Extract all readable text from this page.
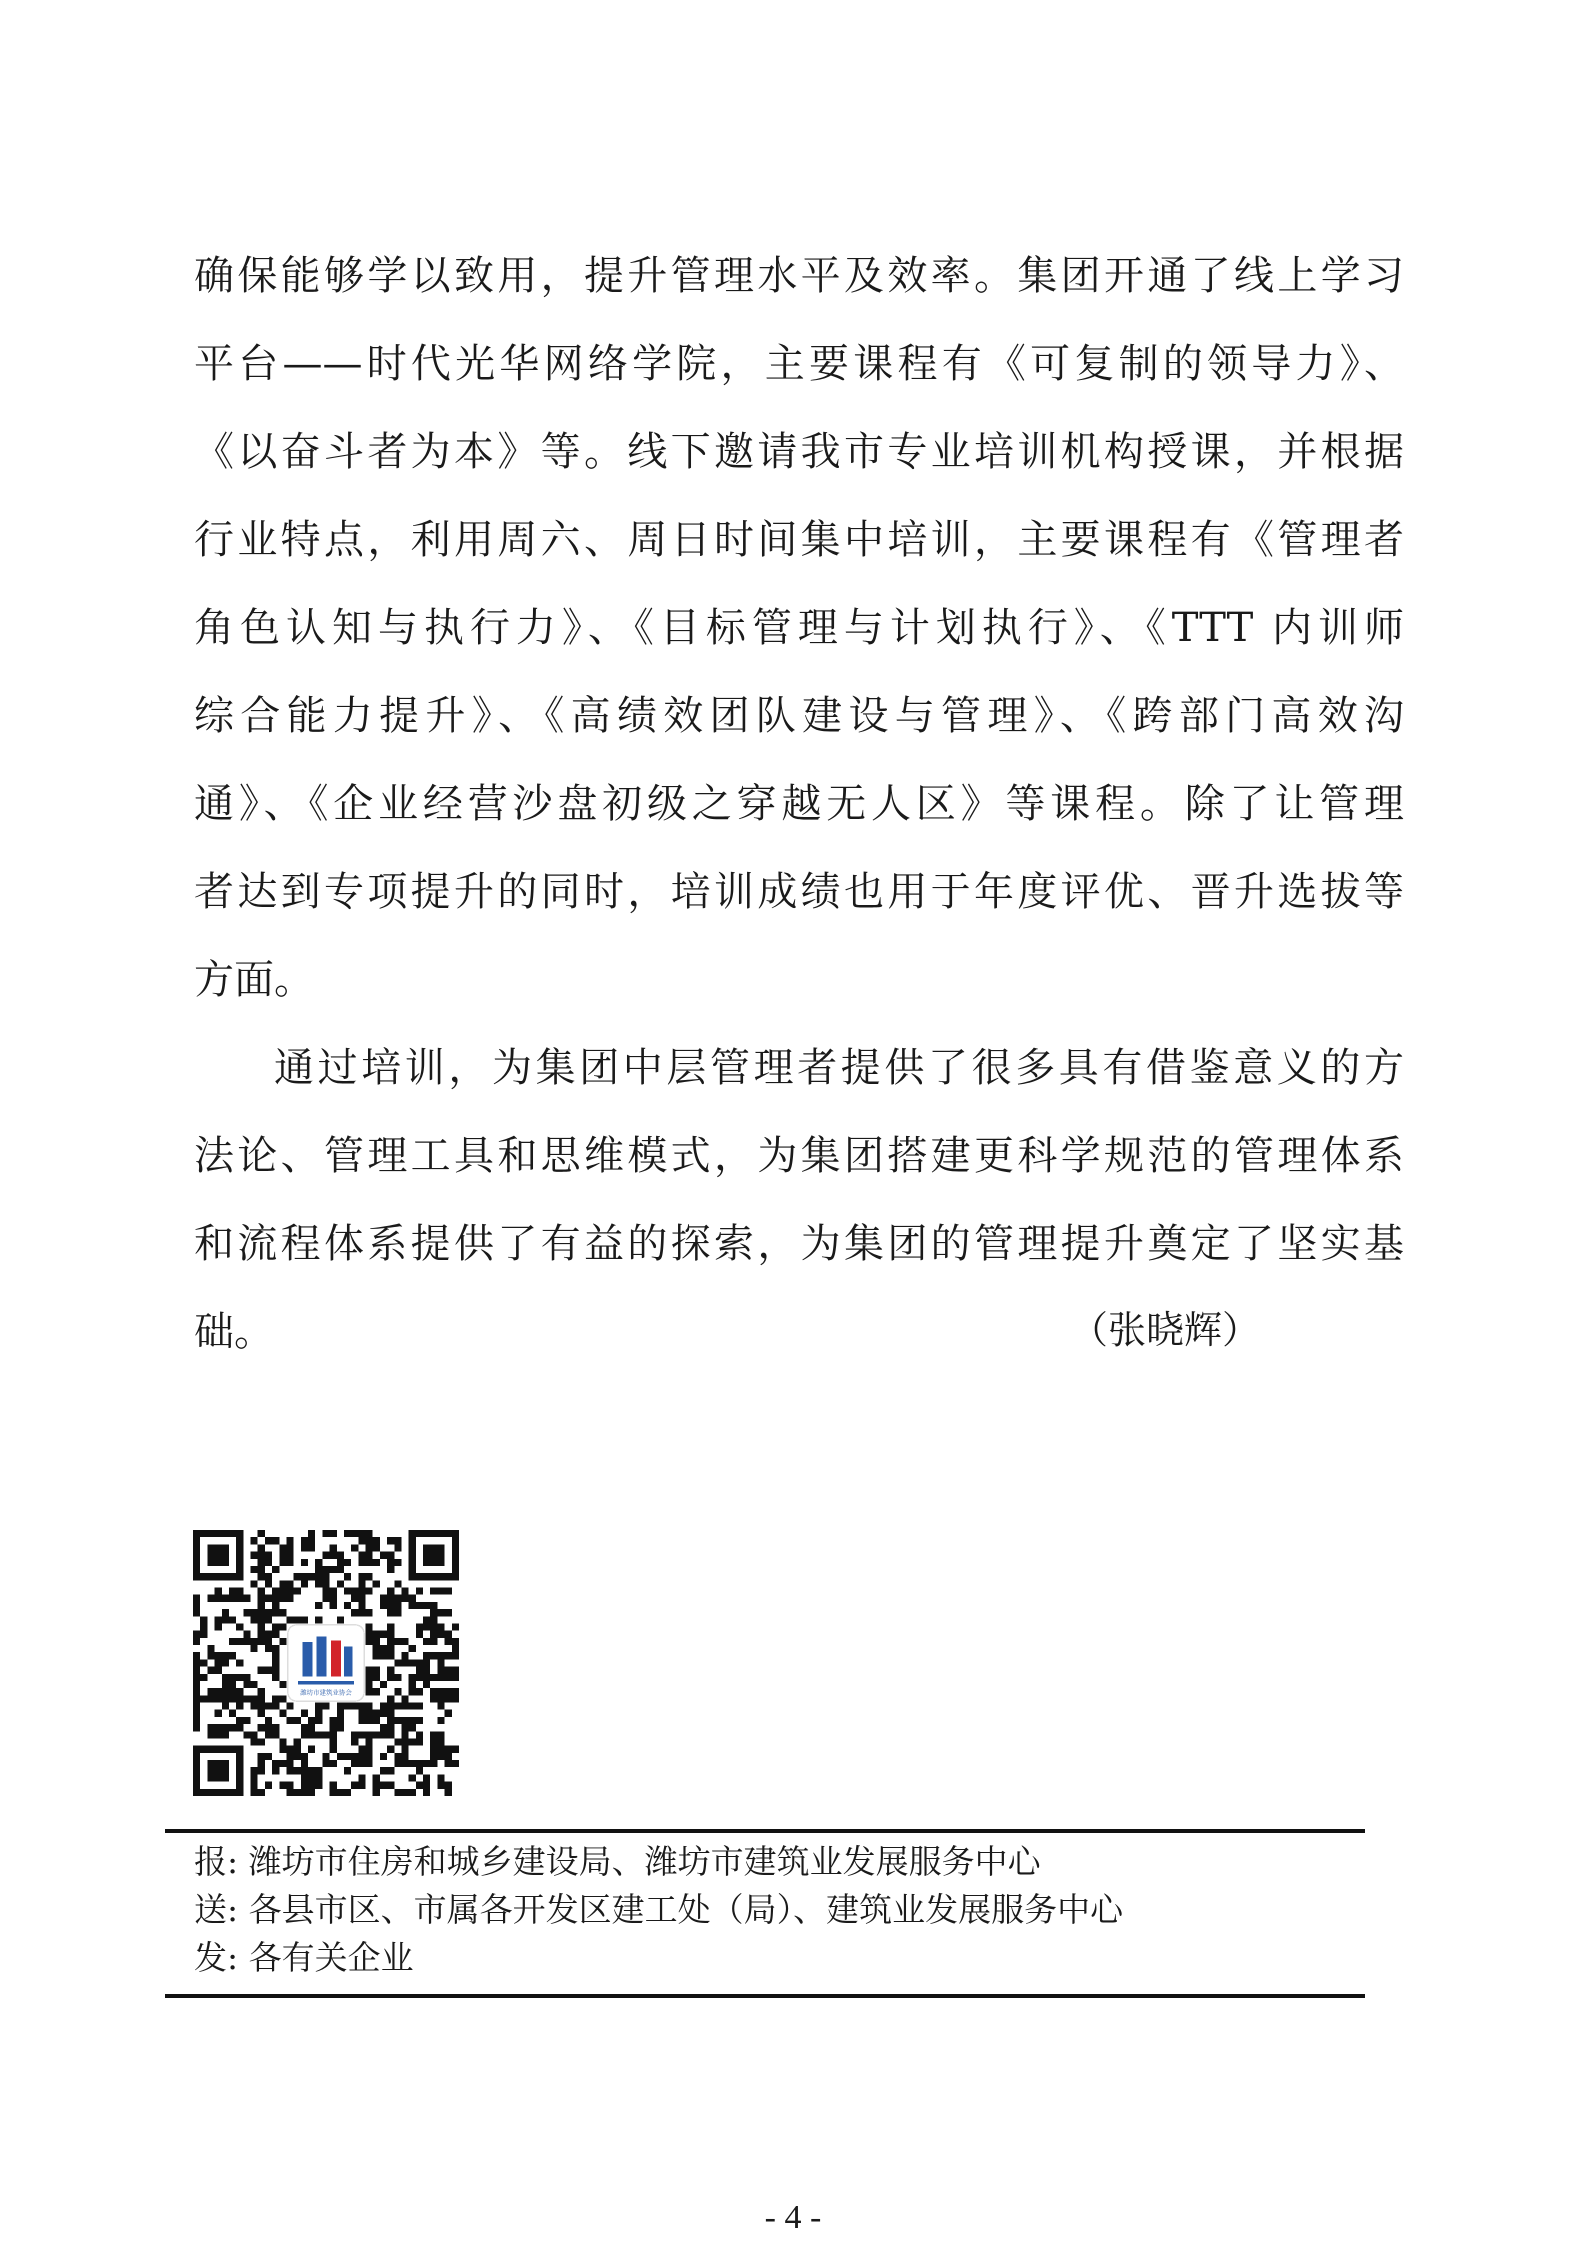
确保能够学以致用，提升管理水平及效率。集团开通了线上学习
平台——时代光华网络学院，主要课程有《可复制的领导力》、
《以奋斗者为本》等。线下邀请我市专业培训机构授课，并根据
行业特点，利用周六、周日时间集中培训，主要课程有《管理者
角色认知与执行力》、《目标管理与计划执行》、《TTT 内训师
综合能力提升》、《高绩效团队建设与管理》、《跨部门高效沟
通》、《企业经营沙盘初级之穿越无人区》等课程。除了让管理
者达到专项提升的同时，培训成绩也用于年度评优、晋升选拔等
方面。
通过培训，为集团中层管理者提供了很多具有借鉴意义的方
法论、管理工具和思维模式，为集团搭建更科学规范的管理体系
和流程体系提供了有益的探索，为集团的管理提升奠定了坚实基
础。	（张晓辉）
报: 潍坊市住房和城乡建设局、潍坊市建筑业发展服务中心
送: 各县市区、市属各开发区建工处（局）、建筑业发展服务中心
发: 各有关企业
- 4 -
